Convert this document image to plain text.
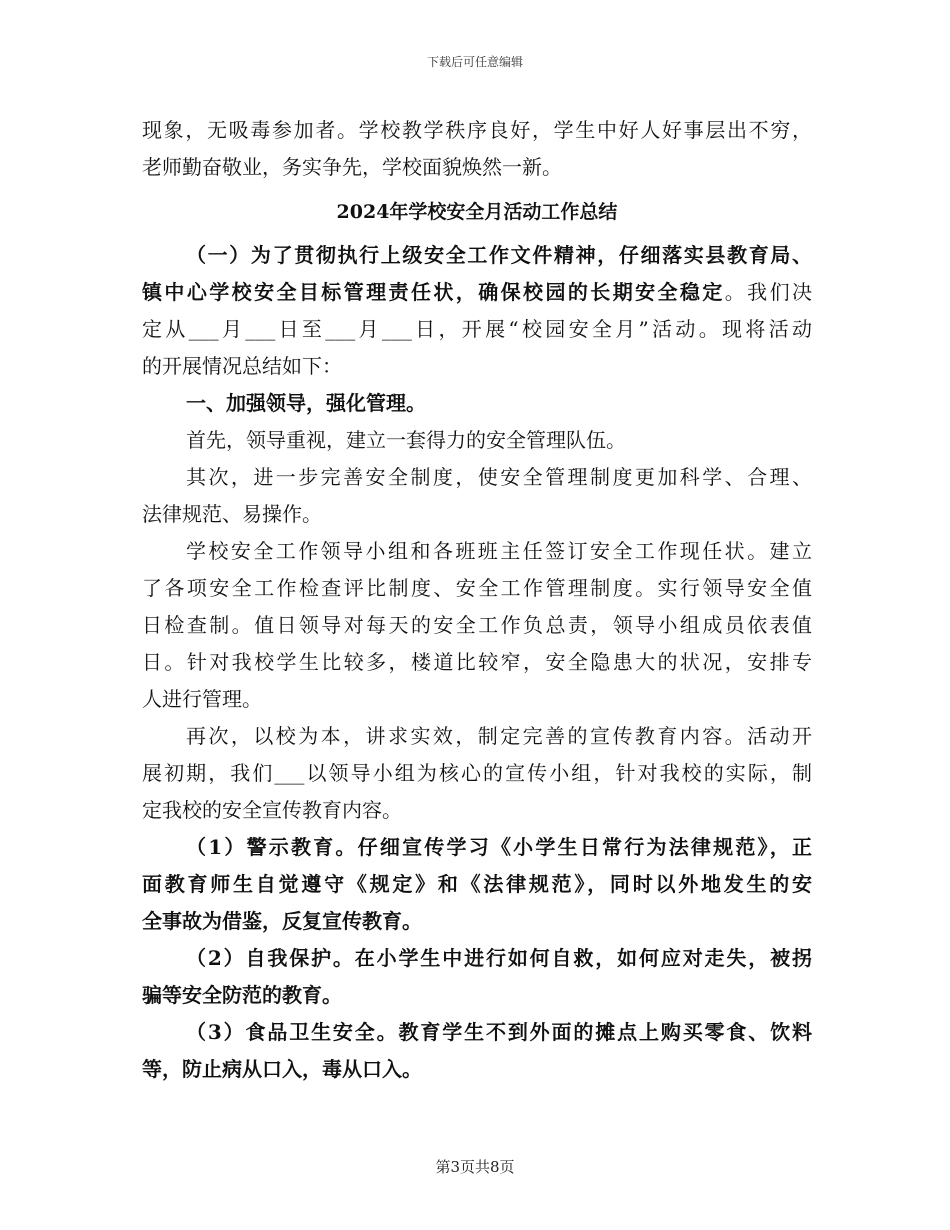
下载后可任意编辑
现象，无吸毒参加者。学校教学秩序良好，学生中好人好事层出不穷，
老师勤奋敬业，务实争先，学校面貌焕然一新。
2024年学校安全月活动工作总结
（一）为了贯彻执行上级安全工作文件精神，仔细落实县教育局、
镇中心学校安全目标管理责任状，确保校园的长期安全稳定。我们决
定从___月___日至___月___日，开展“校园安全月”活动。现将活动
的开展情况总结如下：
一、加强领导，强化管理。
首先，领导重视，建立一套得力的安全管理队伍。
其次，进一步完善安全制度，使安全管理制度更加科学、合理、
法律规范、易操作。
学校安全工作领导小组和各班班主任签订安全工作现任状。建立
了各项安全工作检查评比制度、安全工作管理制度。实行领导安全值
日检查制。值日领导对每天的安全工作负总责，领导小组成员依表值
日。针对我校学生比较多，楼道比较窄，安全隐患大的状况，安排专
人进行管理。
再次，以校为本，讲求实效，制定完善的宣传教育内容。活动开
展初期，我们___以领导小组为核心的宣传小组，针对我校的实际，制
定我校的安全宣传教育内容。
（1）警示教育。仔细宣传学习《小学生日常行为法律规范》，正
面教育师生自觉遵守《规定》和《法律规范》，同时以外地发生的安
全事故为借鉴，反复宣传教育。
（2）自我保护。在小学生中进行如何自救，如何应对走失，被拐
骗等安全防范的教育。
（3）食品卫生安全。教育学生不到外面的摊点上购买零食、饮料
等，防止病从口入，毒从口入。
第3页共8页
